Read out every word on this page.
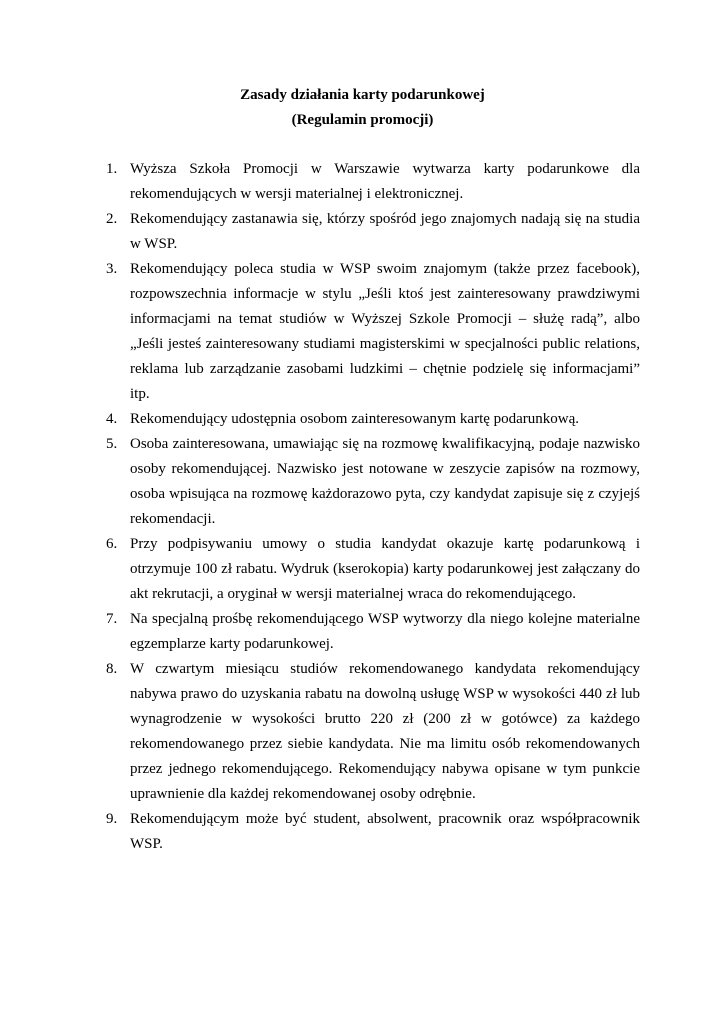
Zasady działania karty podarunkowej
(Regulamin promocji)
1. Wyższa Szkoła Promocji w Warszawie wytwarza karty podarunkowe dla rekomendujących w wersji materialnej i elektronicznej.
2. Rekomendujący zastanawia się, którzy spośród jego znajomych nadają się na studia w WSP.
3. Rekomendujący poleca studia w WSP swoim znajomym (także przez facebook), rozpowszechnia informacje w stylu „Jeśli ktoś jest zainteresowany prawdziwymi informacjami na temat studiów w Wyższej Szkole Promocji – służę radą”, albo „Jeśli jesteś zainteresowany studiami magisterskimi w specjalności public relations, reklama lub zarządzanie zasobami ludzkimi – chętnie podzielę się informacjami” itp.
4. Rekomendujący udostępnia osobom zainteresowanym kartę podarunkową.
5. Osoba zainteresowana, umawiając się na rozmowę kwalifikacyjną, podaje nazwisko osoby rekomendującej. Nazwisko jest notowane w zeszycie zapisów na rozmowy, osoba wpisująca na rozmowę każdorazowo pyta, czy kandydat zapisuje się z czyjejś rekomendacji.
6. Przy podpisywaniu umowy o studia kandydat okazuje kartę podarunkową i otrzymuje 100 zł rabatu. Wydruk (kserokopia) karty podarunkowej jest załączany do akt rekrutacji, a oryginał w wersji materialnej wraca do rekomendującego.
7. Na specjalną prośbę rekomendującego WSP wytworzy dla niego kolejne materialne egzemplarze karty podarunkowej.
8. W czwartym miesiącu studiów rekomendowanego kandydata rekomendujący nabywa prawo do uzyskania rabatu na dowolną usługę WSP w wysokości 440 zł lub wynagrodzenie w wysokości brutto 220 zł (200 zł w gotówce) za każdego rekomendowanego przez siebie kandydata. Nie ma limitu osób rekomendowanych przez jednego rekomendującego. Rekomendujący nabywa opisane w tym punkcie uprawnienie dla każdej rekomendowanej osoby odrębnie.
9. Rekomendującym może być student, absolwent, pracownik oraz współpracownik WSP.
